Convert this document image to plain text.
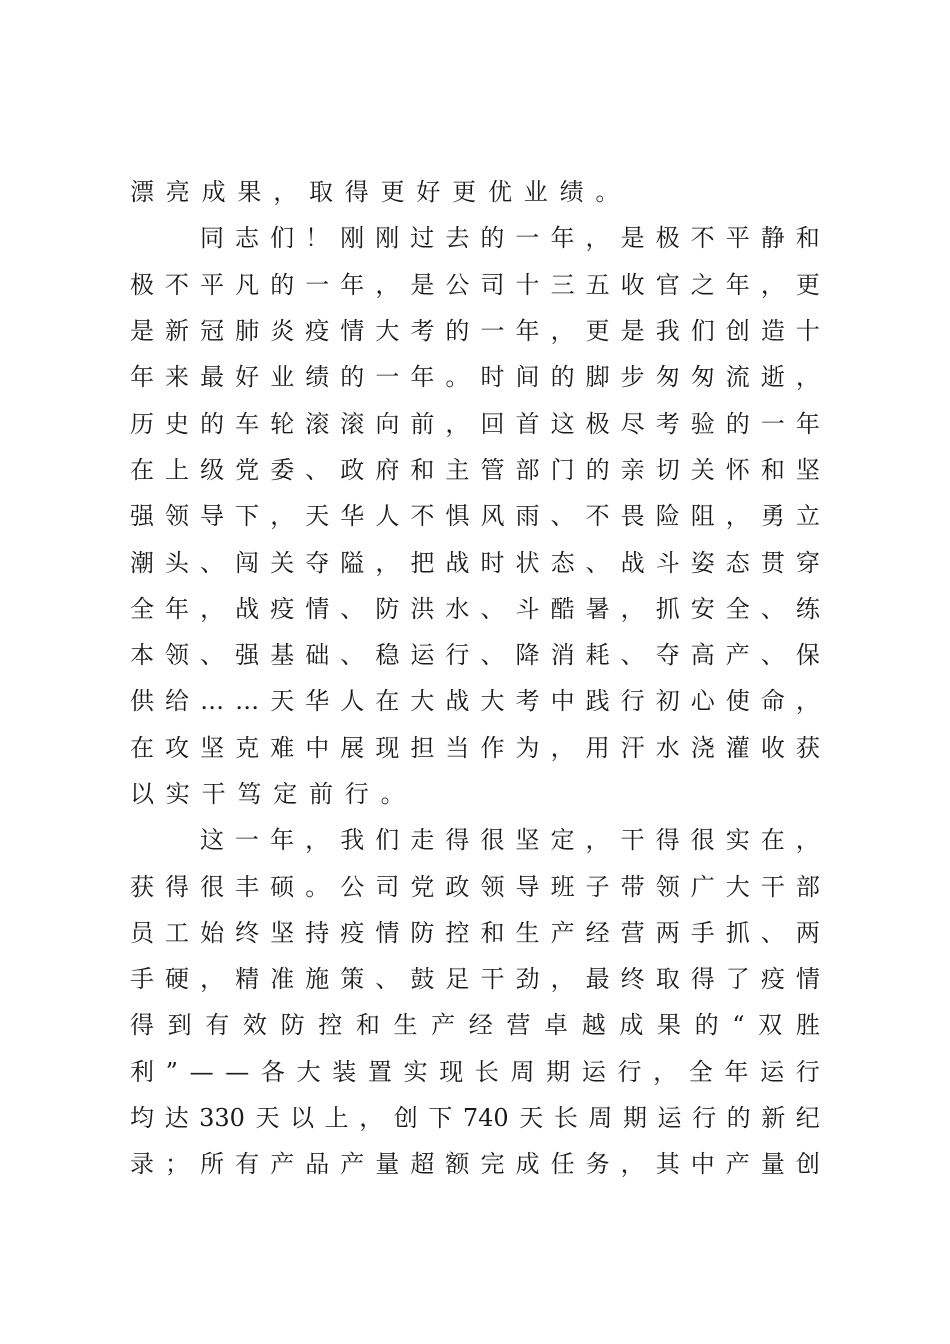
漂 亮 成 果 ， 取 得 更 好 更 优 业 绩 。
同 志 们 ！ 刚 刚 过 去 的 一 年 ， 是 极 不 平 静 和
极 不 平 凡 的 一 年 ， 是 公 司 十 三 五 收 官 之 年 ， 更
是 新 冠 肺 炎 疫 情 大 考 的 一 年 ， 更 是 我 们 创 造 十
年 来 最 好 业 绩 的 一 年 。 时 间 的 脚 步 匆 匆 流 逝 ，
历 史 的 车 轮 滚 滚 向 前 ， 回 首 这 极 尽 考 验 的 一 年
在 上 级 党 委 、 政 府 和 主 管 部 门 的 亲 切 关 怀 和 坚
强 领 导 下 ， 天 华 人 不 惧 风 雨 、 不 畏 险 阻 ， 勇 立
潮 头 、 闯 关 夺 隘 ， 把 战 时 状 态 、 战 斗 姿 态 贯 穿
全 年 ， 战 疫 情 、 防 洪 水 、 斗 酷 暑 ， 抓 安 全 、 练
本 领 、 强 基 础 、 稳 运 行 、 降 消 耗 、 夺 高 产 、 保
供 给 … … 天 华 人 在 大 战 大 考 中 践 行 初 心 使 命 ，
在 攻 坚 克 难 中 展 现 担 当 作 为 ， 用 汗 水 浇 灌 收 获
以 实 干 笃 定 前 行 。
这 一 年 ， 我 们 走 得 很 坚 定 ， 干 得 很 实 在 ，
获 得 很 丰 硕 。 公 司 党 政 领 导 班 子 带 领 广 大 干 部
员 工 始 终 坚 持 疫 情 防 控 和 生 产 经 营 两 手 抓 、 两
手 硬 ， 精 准 施 策 、 鼓 足 干 劲 ， 最 终 取 得 了 疫 情
得 到 有 效 防 控 和 生 产 经 营 卓 越 成 果 的 “ 双 胜
利 ” — — 各 大 装 置 实 现 长 周 期 运 行 ， 全 年 运 行
均 达 330 天 以 上 ， 创 下 740 天 长 周 期 运 行 的 新 纪
录 ； 所 有 产 品 产 量 超 额 完 成 任 务 ， 其 中 产 量 创
